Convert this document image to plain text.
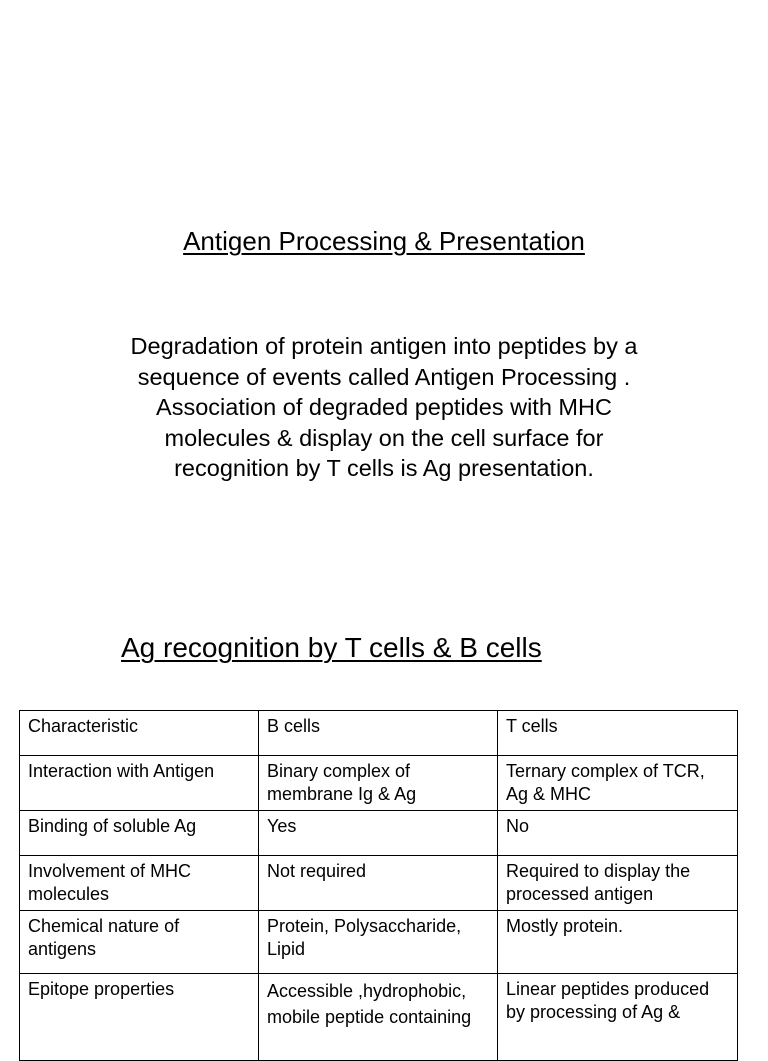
Antigen Processing & Presentation

Degradation of protein antigen into peptides by a sequence of events called Antigen Processing . Association of degraded peptides with MHC molecules & display on the cell surface for recognition by T cells is Ag presentation.

Ag recognition by T cells & B cells
Characteristic	B cells	T cells
Interaction with Antigen	Binary complex of membrane Ig & Ag	Ternary complex of TCR, Ag & MHC
Binding of soluble Ag	Yes	No
Involvement of MHC molecules	Not required	Required to display the processed antigen
Chemical nature of antigens	Protein, Polysaccharide, Lipid	Mostly protein.
Epitope properties	Accessible ,hydrophobic, mobile peptide containing	Linear peptides produced by processing of Ag &
